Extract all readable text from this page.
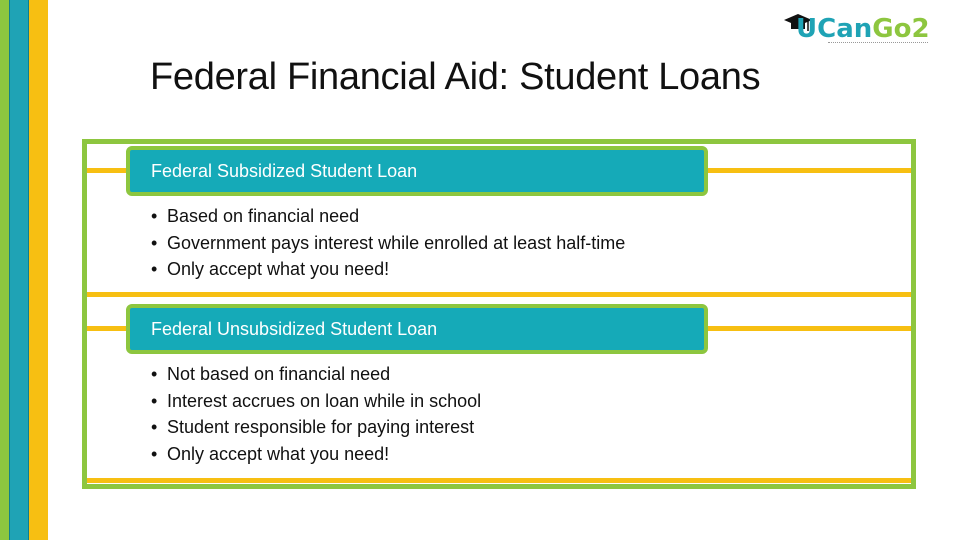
UCanGo2
Federal Financial Aid: Student Loans
Federal Subsidized Student Loan
• Based on financial need
• Government pays interest while enrolled at least half-time
• Only accept what you need!
Federal Unsubsidized Student Loan
• Not based on financial need
• Interest accrues on loan while in school
• Student responsible for paying interest
• Only accept what you need!
